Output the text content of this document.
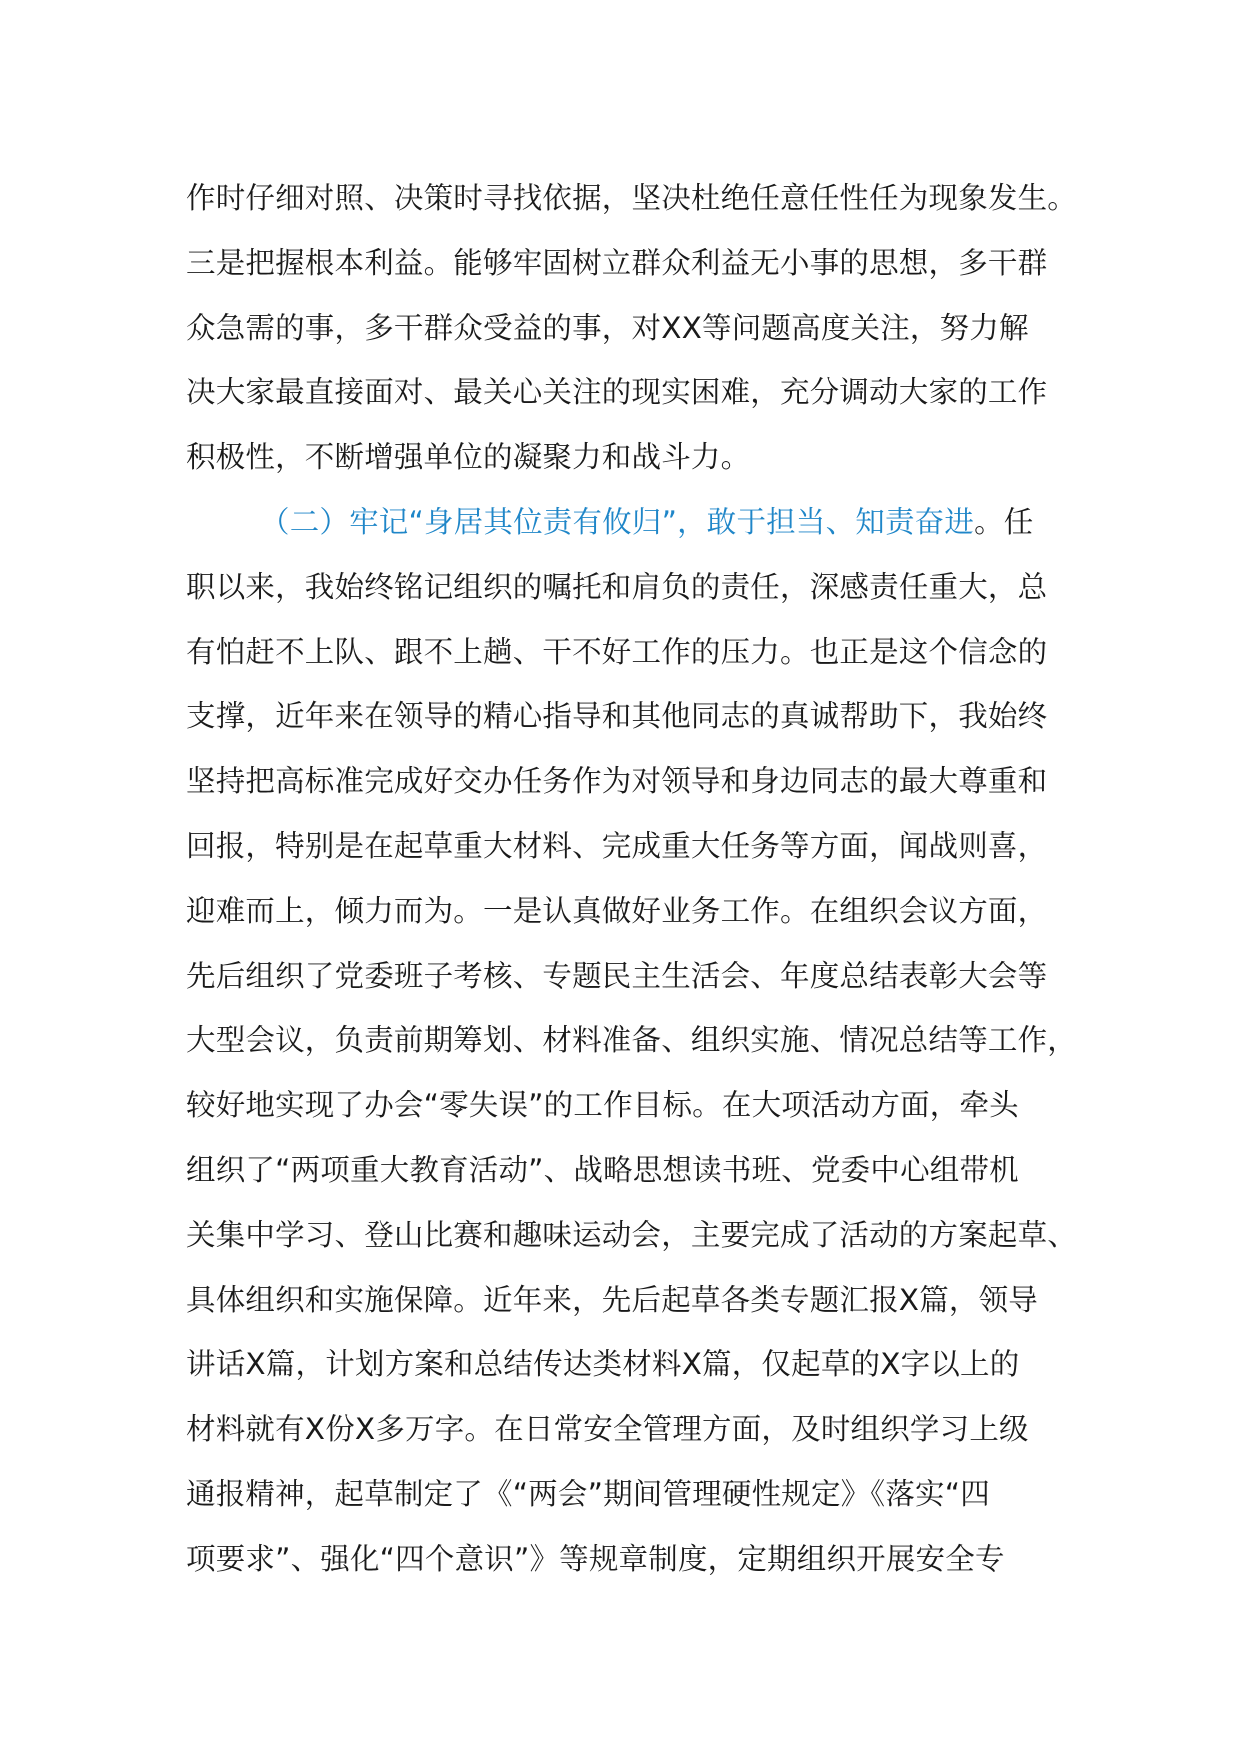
作时仔细对照、决策时寻找依据，坚决杜绝任意任性任为现象发生。
三是把握根本利益。能够牢固树立群众利益无小事的思想，多干群
众急需的事，多干群众受益的事，对XX等问题高度关注，努力解
决大家最直接面对、最关心关注的现实困难，充分调动大家的工作
积极性，不断增强单位的凝聚力和战斗力。
（二）牢记“身居其位责有攸归”，敢于担当、知责奋进。任
职以来，我始终铭记组织的嘱托和肩负的责任，深感责任重大，总
有怕赶不上队、跟不上趟、干不好工作的压力。也正是这个信念的
支撑，近年来在领导的精心指导和其他同志的真诚帮助下，我始终
坚持把高标准完成好交办任务作为对领导和身边同志的最大尊重和
回报，特别是在起草重大材料、完成重大任务等方面，闻战则喜，
迎难而上，倾力而为。一是认真做好业务工作。在组织会议方面，
先后组织了党委班子考核、专题民主生活会、年度总结表彰大会等
大型会议，负责前期筹划、材料准备、组织实施、情况总结等工作，
较好地实现了办会“零失误”的工作目标。在大项活动方面，牵头
组织了“两项重大教育活动”、战略思想读书班、党委中心组带机
关集中学习、登山比赛和趣味运动会，主要完成了活动的方案起草、
具体组织和实施保障。近年来，先后起草各类专题汇报X篇，领导
讲话X篇，计划方案和总结传达类材料X篇，仅起草的X字以上的
材料就有X份X多万字。在日常安全管理方面，及时组织学习上级
通报精神，起草制定了《“两会”期间管理硬性规定》《落实“四
项要求”、强化“四个意识”》等规章制度，定期组织开展安全专
